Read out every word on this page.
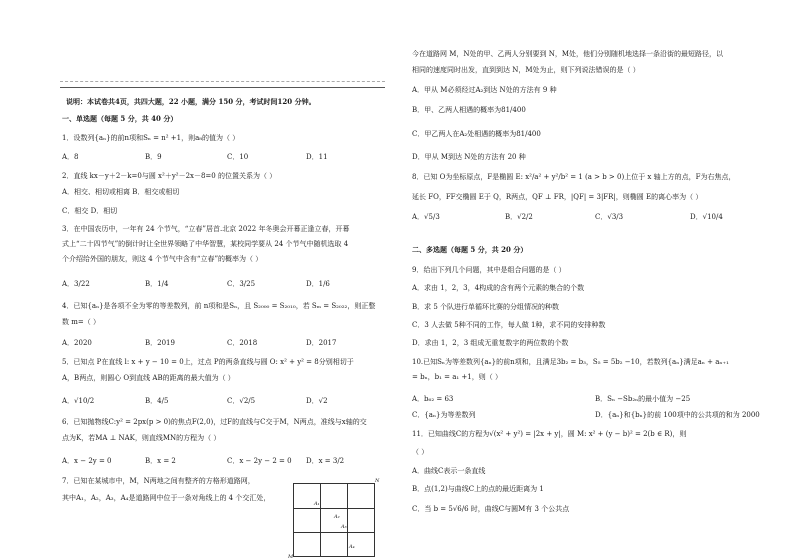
说明：本试卷共4页，共四大题，22 小题，满分 150 分，考试时间120 分钟。
一、单选题（每题 5 分，共 40 分）
1．设数列{aₙ}的前n项和Sₙ = n² +1，则a₈的值为（ ）
A．8	B．9	C．10	D．11
2．直线 kx－y＋2－k=0与圆 x²＋y²－2x－8=0 的位置关系为（ ）
A．相交、相切或相离 B．相交或相切
C．相交 D．相切
3．在中国农历中，一年有 24 个节气，“立春”居首.北京 2022 年冬奥会开幕正逢立春，开幕
式上“二十四节气”的倒计时让全世界领略了中华智慧，某校同学要从 24 个节气中随机选取 4
个介绍给外国的朋友，则这 4 个节气中含有“立春”的概率为（ ）
A．3/22	B．1/4	C．3/25	D．1/6
4．已知{aₙ}是各项不全为零的等差数列，前 n项和是Sₙ，且 S₂₀₀₀ = S₂₀₁₀，若 Sₘ = S₂₀₂₂，则正整
数 m=（ ）
A．2020	B．2019	C．2018	D．2017
5．已知点 P在直线 l: x + y − 10 = 0上，过点 P的两条直线与圆 O: x² + y² = 8分别相切于
A，B两点，则圆心 O到直线 AB的距离的最大值为（ ）
A．√10/2	B．4/5	C．√2/5	D．√2
6．已知抛物线C:y² = 2px(p > 0)的焦点F(2,0)，过F的直线与C交于M，N两点，准线与x轴的交
点为K，若MA ⊥ NAK，则直线MN的方程为（ ）
A．x − 2y = 0	B．x = 2	C．x − 2y − 2 = 0 D．x = 3/2
7．已知在某城市中，M，N两地之间有整齐的方格形道路网，
其中A₁，A₂，A₃，A₄是道路网中位于一条对角线上的 4 个交汇处，
N
M
A₁
A₂
A₃
A₄
今在道路网 M，N处的甲、乙两人分别要到 N，M处，他们分别随机地选择一条沿街的最短路径，以
相同的速度同时出发，直到到达 N，M处为止，则下列说法错误的是（ ）
A．甲从 M必须经过A₂到达 N处的方法有 9 种
B．甲、乙两人相遇的概率为81/400
C．甲乙两人在A₂处相遇的概率为81/400
D．甲从 M到达 N处的方法有 20 种
8．已知 O为坐标原点，F是椭圆 E: x²/a² + y²/b² = 1 (a > b > 0)上位于 x 轴上方的点，F为右焦点，
延长 FO，FF交椭圆 E于 Q，R两点，QF ⊥ FR，|QF| = 3|FR|，则椭圆 E的离心率为（ ）
A．√5/3	B．√2/2	C．√3/3	D．√10/4
二、多选题（每题 5 分，共 20 分）
9．给出下列几个问题，其中是组合问题的是（ ）
A．求由 1，2，3，4构成的含有两个元素的集合的个数
B．求 5 个队进行单循环比赛的分组情况的种数
C．3 人去做 5种不同的工作，每人做 1种，求不同的安排种数
D．求由 1，2，3 组成无重复数字的两位数的个数
10.已知Sₙ为等差数列{aₙ}的前n项和，且满足3b₂ = b₃，S₅ = 5b₂ −10，若数列{aₙ}满足aₙ + aₙ₊₁
= bₙ，b₁ = a₁ +1，则（ ）
A．b₆₂ = 63	B．Sₙ −Sb₂ₙ的最小值为 −25
C．{aₙ}为等差数列	D．{aₙ}和{bₙ}的前 100项中的公共项的和为 2000
11．已知曲线C的方程为√(x² + y²) = |2x + y|，圆 M: x² + (y − b)² = 2(b ∈ R)，则
（ ）
A．曲线C表示一条直线
B．点(1,2)与曲线C上的点的最近距离为 1
C．当 b = 5√6/6 时，曲线C与圆M有 3 个公共点
